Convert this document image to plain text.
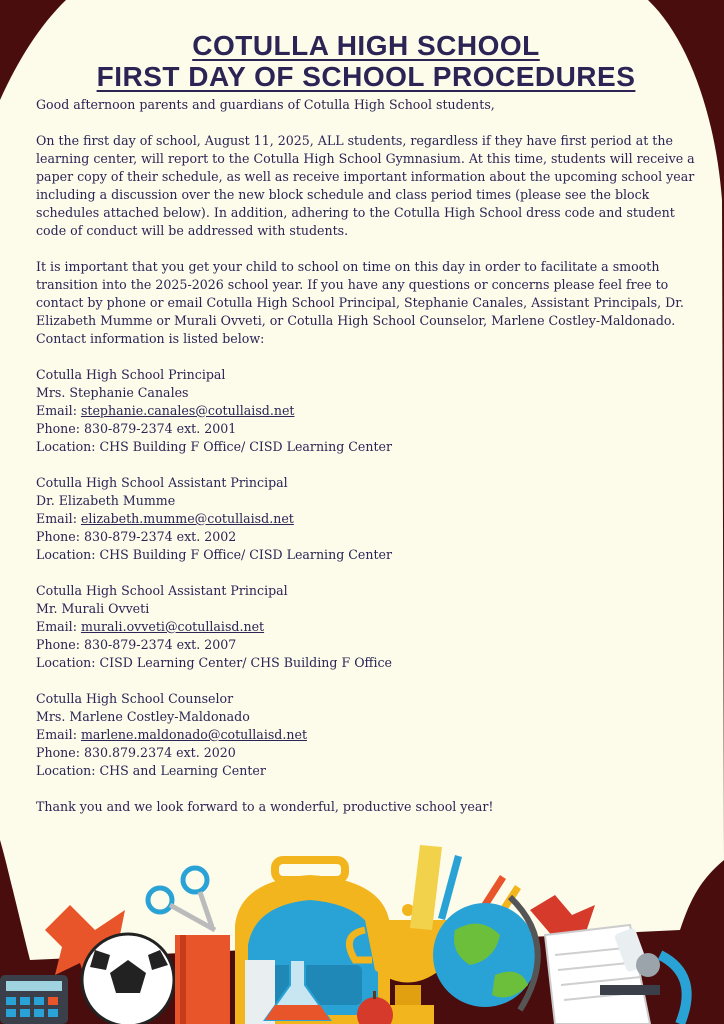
COTULLA HIGH SCHOOL
FIRST DAY OF SCHOOL PROCEDURES

Good afternoon parents and guardians of Cotulla High School students,

On the first day of school, August 11, 2025, ALL students, regardless if they have first period at the learning center, will report to the Cotulla High School Gymnasium. At this time, students will receive a paper copy of their schedule, as well as receive important information about the upcoming school year including a discussion over the new block schedule and class period times (please see the block schedules attached below). In addition, adhering to the Cotulla High School dress code and student code of conduct will be addressed with students.

It is important that you get your child to school on time on this day in order to facilitate a smooth transition into the 2025-2026 school year. If you have any questions or concerns please feel free to contact by phone or email Cotulla High School Principal, Stephanie Canales, Assistant Principals, Dr. Elizabeth Mumme or Murali Ovveti, or Cotulla High School Counselor, Marlene Costley-Maldonado. Contact information is listed below:

Cotulla High School Principal
Mrs. Stephanie Canales
Email: stephanie.canales@cotullaisd.net
Phone: 830-879-2374 ext. 2001
Location: CHS Building F Office/ CISD Learning Center
Cotulla High School Assistant Principal
Dr. Elizabeth Mumme
Email: elizabeth.mumme@cotullaisd.net
Phone: 830-879-2374 ext. 2002
Location: CHS Building F Office/ CISD Learning Center
Cotulla High School Assistant Principal
Mr. Murali Ovveti
Email: murali.ovveti@cotullaisd.net
Phone: 830-879-2374 ext. 2007
Location: CISD Learning Center/ CHS Building F Office
Cotulla High School Counselor
Mrs. Marlene Costley-Maldonado
Email: marlene.maldonado@cotullaisd.net
Phone: 830.879.2374 ext. 2020
Location: CHS and Learning Center

Thank you and we look forward to a wonderful, productive school year!
